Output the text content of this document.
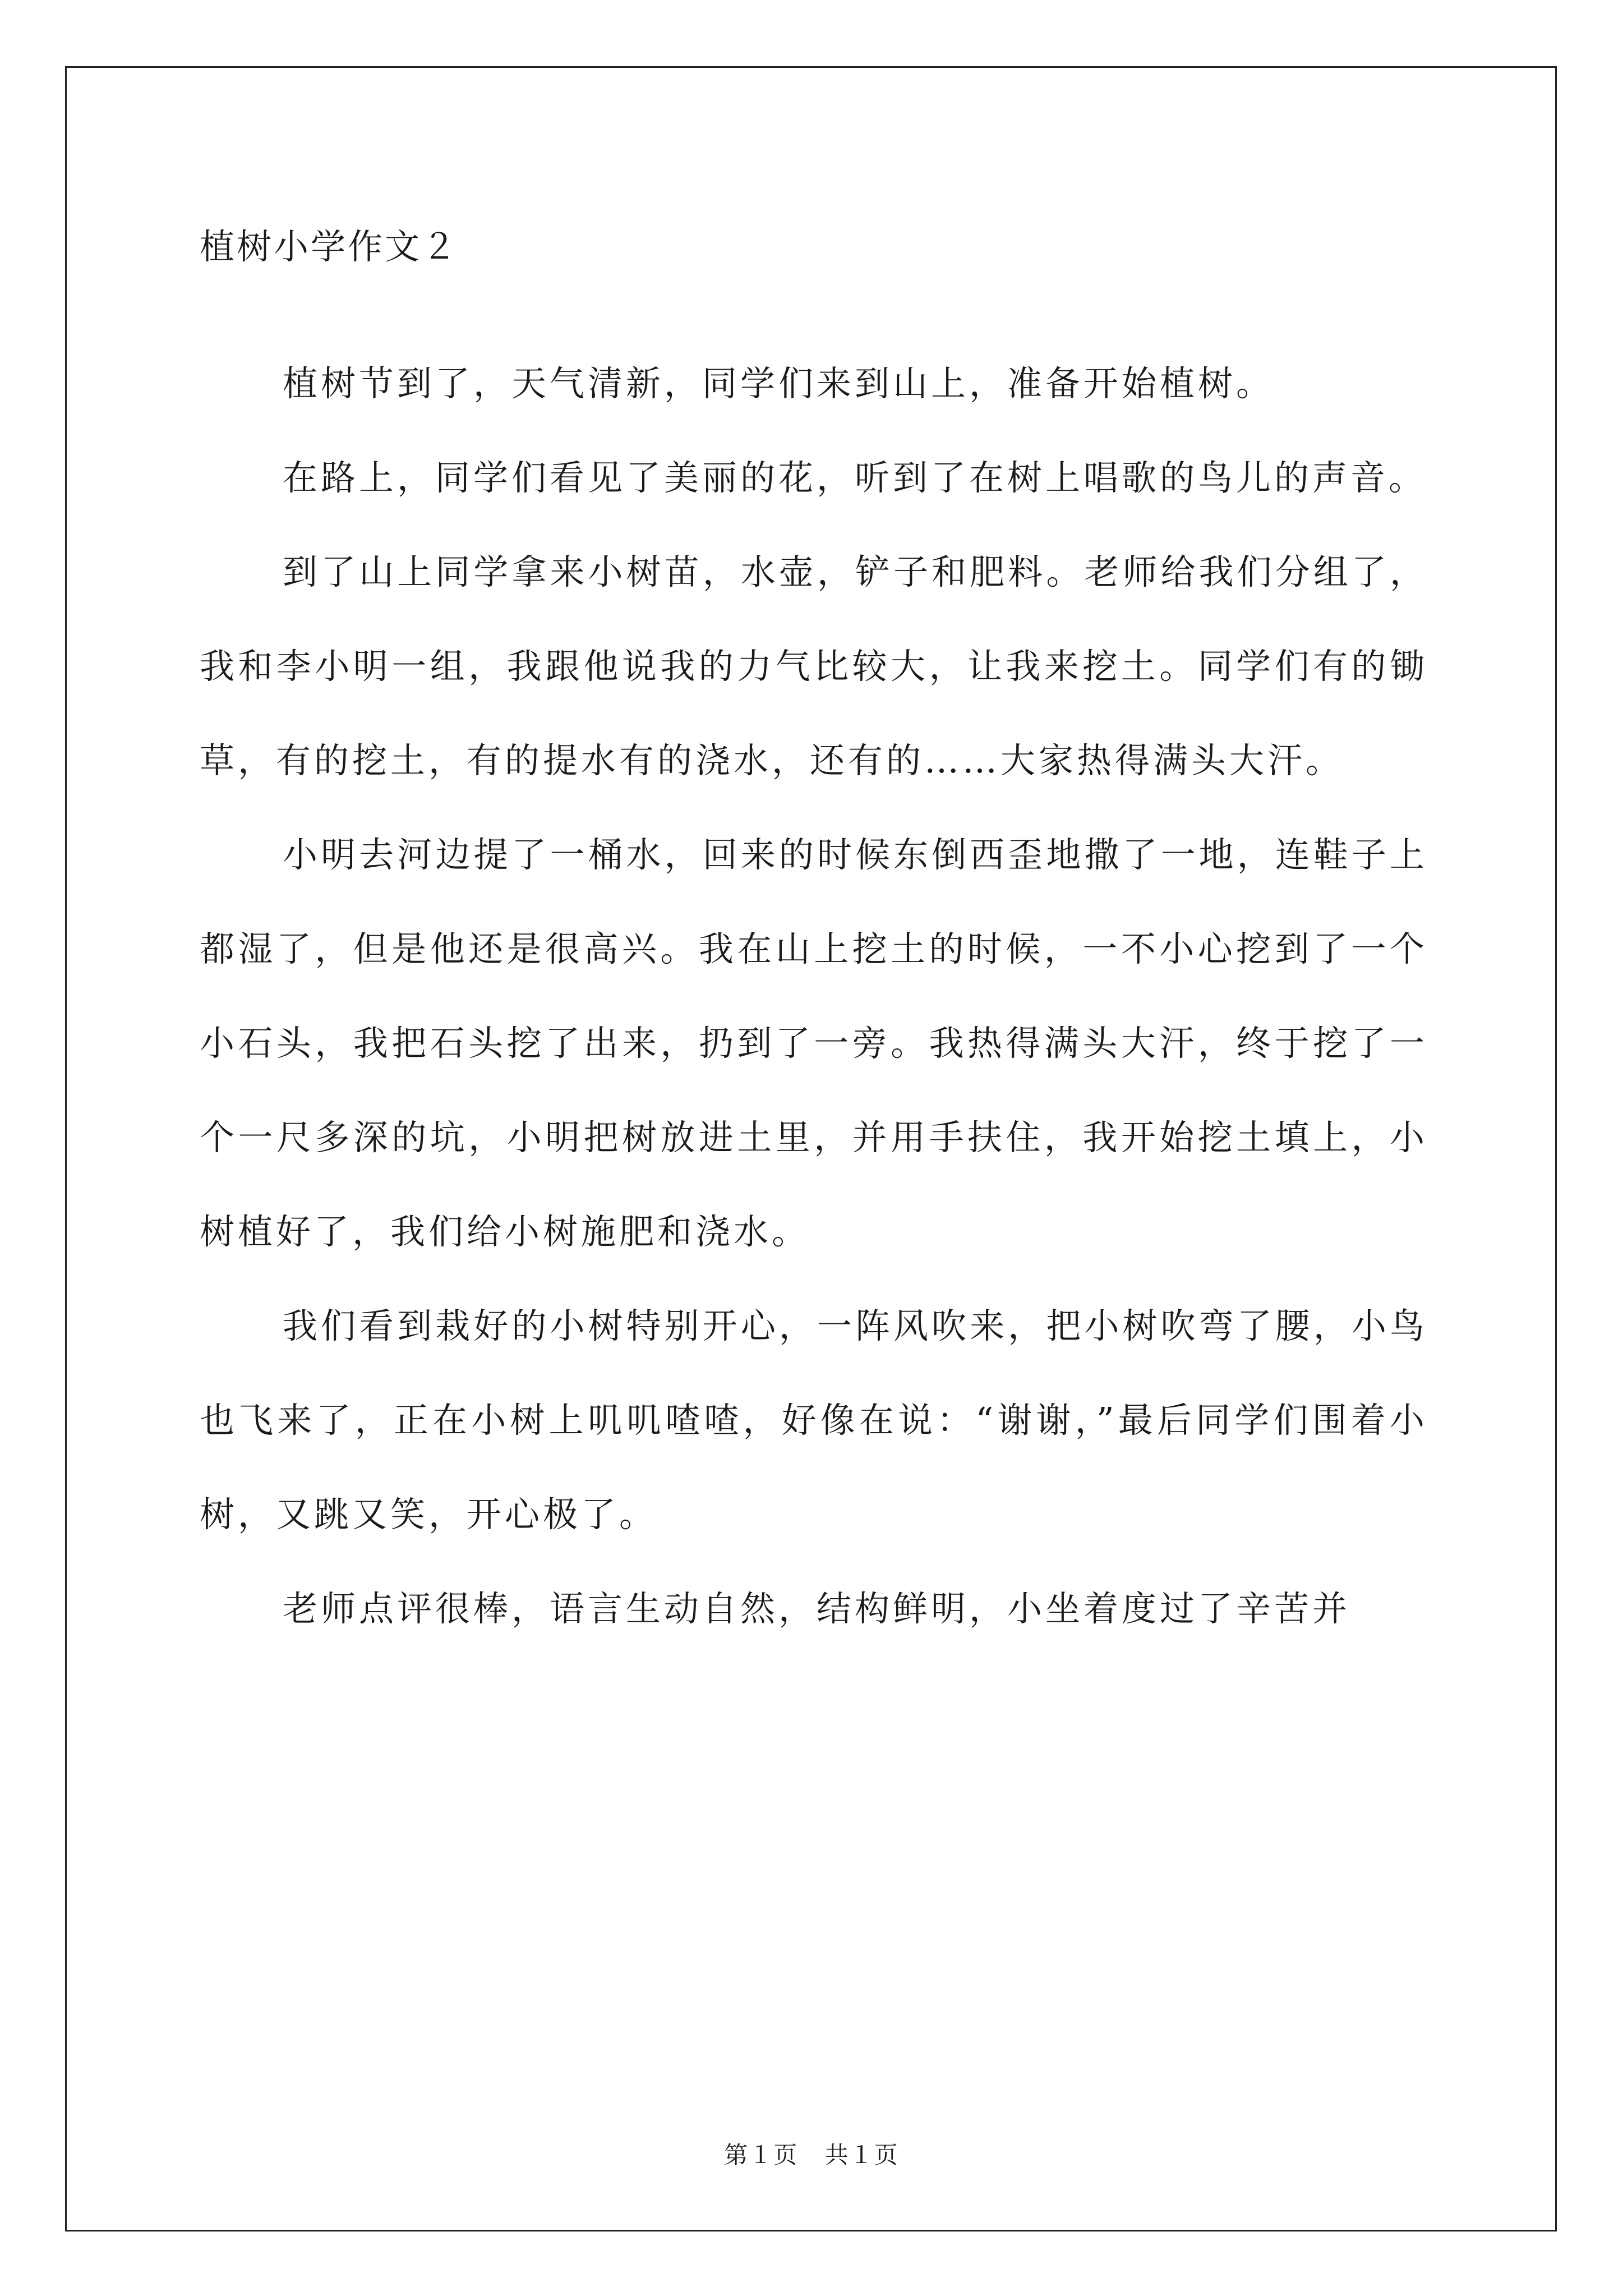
植树小学作文２

植树节到了，天气清新，同学们来到山上，准备开始植树。

在路上，同学们看见了美丽的花，听到了在树上唱歌的鸟儿的声音。

到了山上同学拿来小树苗，水壶，铲子和肥料。老师给我们分组了，我和李小明一组，我跟他说我的力气比较大，让我来挖土。同学们有的锄草，有的挖土，有的提水有的浇水，还有的……大家热得满头大汗。

小明去河边提了一桶水，回来的时候东倒西歪地撒了一地，连鞋子上都湿了，但是他还是很高兴。我在山上挖土的时候，一不小心挖到了一个小石头，我把石头挖了出来，扔到了一旁。我热得满头大汗，终于挖了一个一尺多深的坑，小明把树放进土里，并用手扶住，我开始挖土填上，小树植好了，我们给小树施肥和浇水。

我们看到栽好的小树特别开心，一阵风吹来，把小树吹弯了腰，小鸟也飞来了，正在小树上叽叽喳喳，好像在说：“谢谢，”最后同学们围着小树，又跳又笑，开心极了。

老师点评很棒，语言生动自然，结构鲜明，小坐着度过了辛苦并

第１页 共１页
